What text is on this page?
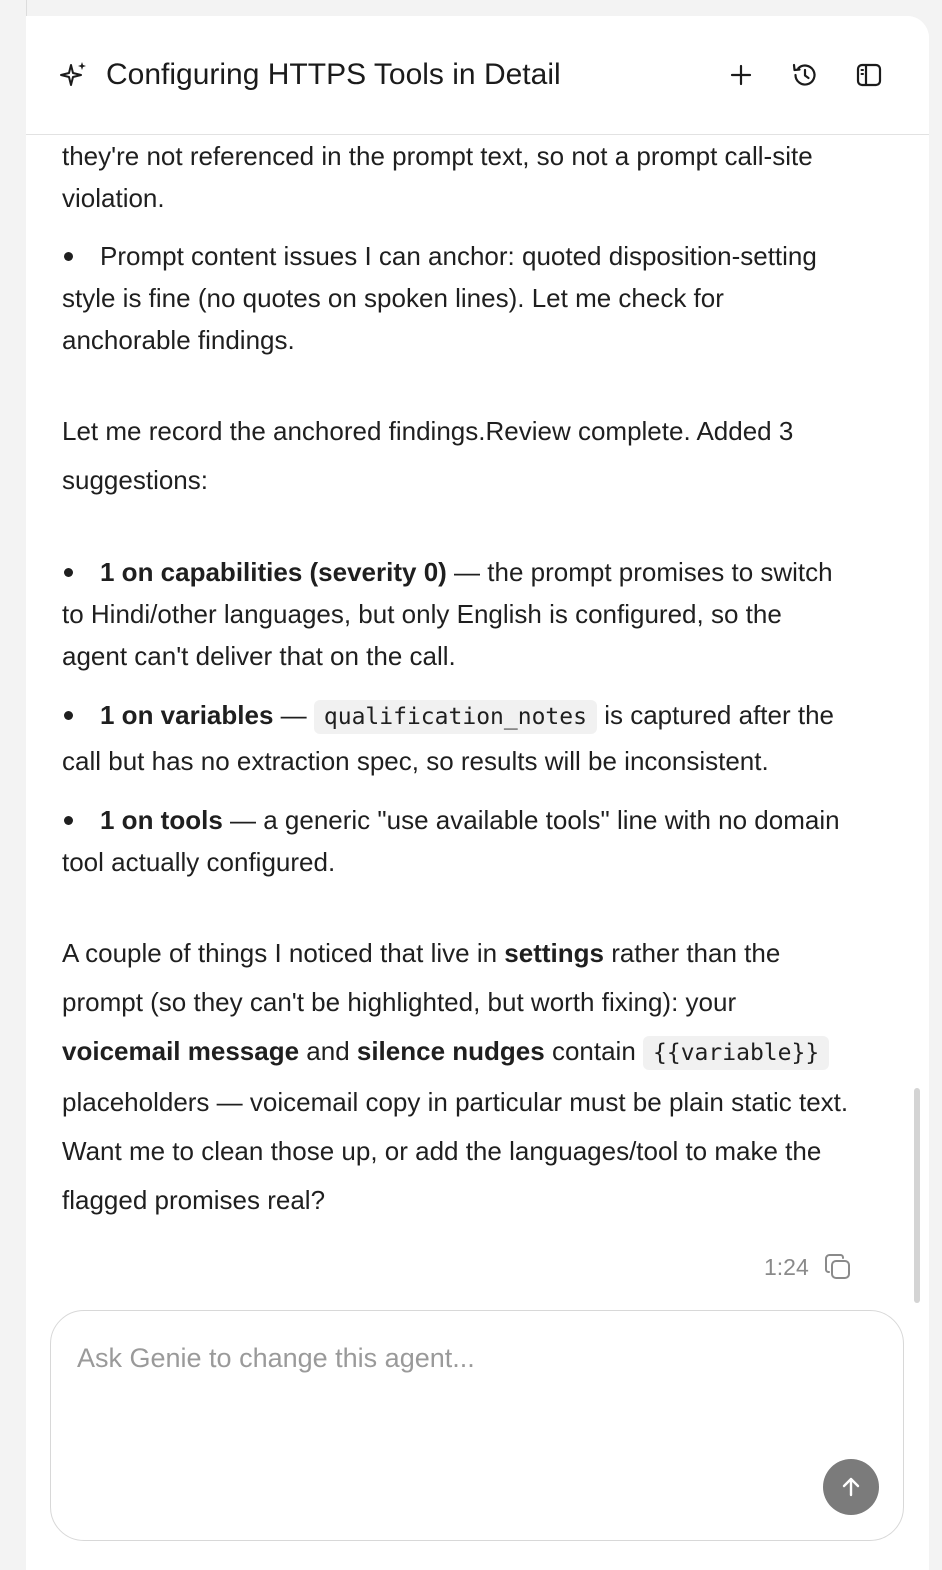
Configuring HTTPS Tools in Detail

they're not referenced in the prompt text, so not a prompt call-site violation.

Prompt content issues I can anchor: quoted disposition-setting style is fine (no quotes on spoken lines). Let me check for anchorable findings.

Let me record the anchored findings.Review complete. Added 3 suggestions:

1 on capabilities (severity 0) — the prompt promises to switch to Hindi/other languages, but only English is configured, so the agent can't deliver that on the call.

1 on variables — qualification_notes is captured after the call but has no extraction spec, so results will be inconsistent.

1 on tools — a generic "use available tools" line with no domain tool actually configured.

A couple of things I noticed that live in settings rather than the prompt (so they can't be highlighted, but worth fixing): your voicemail message and silence nudges contain {{variable}} placeholders — voicemail copy in particular must be plain static text. Want me to clean those up, or add the languages/tool to make the flagged promises real?

1:24
Ask Genie to change this agent...
